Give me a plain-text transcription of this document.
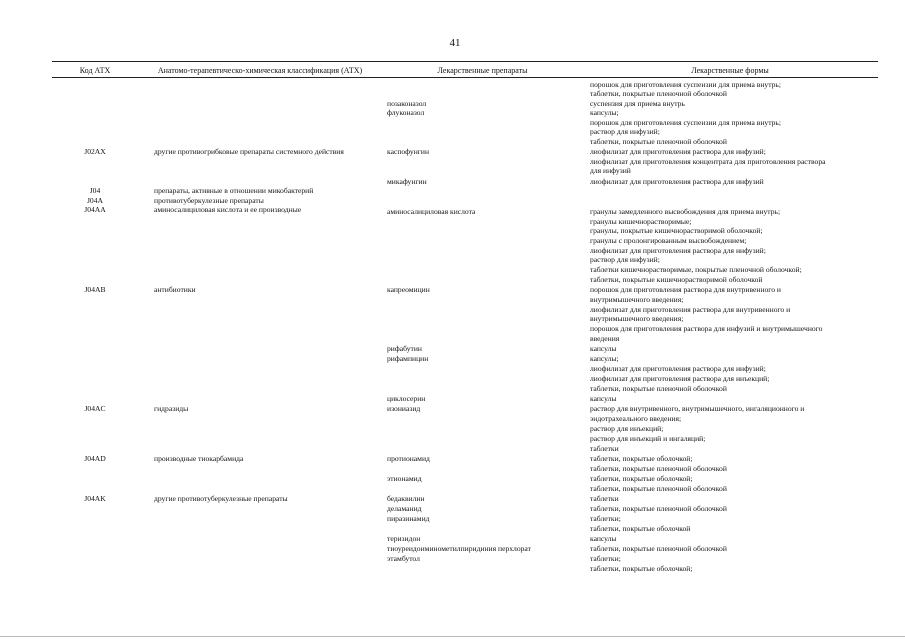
41
Код АТХ	Анатомо-терапевтическо-химическая классификация (АТХ)	Лекарственные препараты	Лекарственные формы
порошок для приготовления суспензии для приема внутрь;
таблетки, покрытые пленочной оболочкой
позаконазол	суспензия для приема внутрь
флуконазол	капсулы;
порошок для приготовления суспензии для приема внутрь;
раствор для инфузий;
таблетки, покрытые пленочной оболочкой
J02AX	другие противогрибковые препараты системного действия	каспофунгин	лиофилизат для приготовления раствора для инфузий;
лиофилизат для приготовления концентрата для приготовления раствора
для инфузий
микафунгин	лиофилизат для приготовления раствора для инфузий
J04	препараты, активные в отношении микобактерий
J04A	противотуберкулезные препараты
J04AA	аминосалициловая кислота и ее производные	аминосалициловая кислота	гранулы замедленного высвобождения для приема внутрь;
гранулы кишечнорастворимые;
гранулы, покрытые кишечнорастворимой оболочкой;
гранулы с пролонгированным высвобождением;
лиофилизат для приготовления раствора для инфузий;
раствор для инфузий;
таблетки кишечнорастворимые, покрытые пленочной оболочкой;
таблетки, покрытые кишечнорастворимой оболочкой
J04AB	антибиотики	капреомицин	порошок для приготовления раствора для внутривенного и
внутримышечного введения;
лиофилизат для приготовления раствора для внутривенного и
внутримышечного введения;
порошок для приготовления раствора для инфузий и внутримышечного
введения
рифабутин	капсулы
рифампицин	капсулы;
лиофилизат для приготовления раствора для инфузий;
лиофилизат для приготовления раствора для инъекций;
таблетки, покрытые пленочной оболочкой
циклосерин	капсулы
J04AC	гидразиды	изониазид	раствор для внутривенного, внутримышечного, ингаляционного и
эндотрахеального введения;
раствор для инъекций;
раствор для инъекций и ингаляций;
таблетки
J04AD	производные тиокарбамида	протионамид	таблетки, покрытые оболочкой;
таблетки, покрытые пленочной оболочкой
этионамид	таблетки, покрытые оболочкой;
таблетки, покрытые пленочной оболочкой
J04AK	другие противотуберкулезные препараты	бедаквилин	таблетки
деламанид	таблетки, покрытые пленочной оболочкой
пиразинамид	таблетки;
таблетки, покрытые оболочкой
теризидон	капсулы
тиоуреидоиминометилпиридиния перхлорат	таблетки, покрытые пленочной оболочкой
этамбутол	таблетки;
таблетки, покрытые оболочкой;
